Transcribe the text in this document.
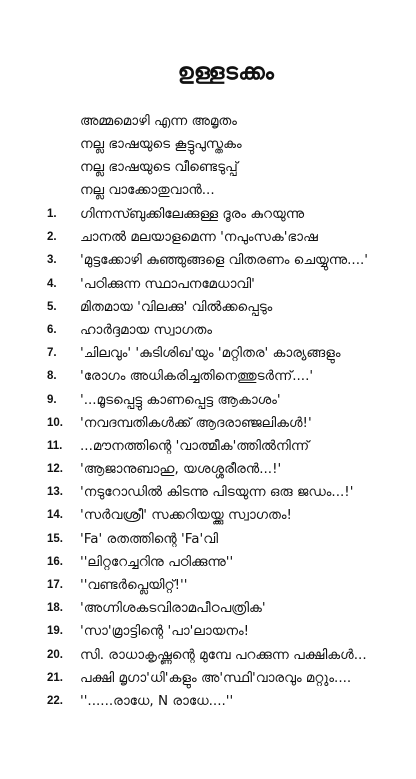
ഉള്ളടക്കം
അമ്മമൊഴി എന്ന അമൃതം
നല്ല ഭാഷയുടെ കൂട്ടുപുസ്തകം
നല്ല ഭാഷയുടെ വീണ്ടെടുപ്പ്
നല്ല വാക്കോതുവാൻ...
1. ഗിന്നസ്ബുക്കിലേക്കുള്ള ദൂരം കുറയുന്നു
2. ചാനൽ മലയാളമെന്ന 'നപുംസക'ഭാഷ
3. 'മുട്ടക്കോഴി കുഞ്ഞുങ്ങളെ വിതരണം ചെയ്യുന്നു....'
4. 'പഠിക്കുന്ന സ്ഥാപനമേധാവി'
5. മിതമായ 'വിലക്കു' വിൽക്കപ്പെടും
6. ഹാർദ്ദമായ സ്വാഗതം
7. 'ചിലവും' 'കുടിശിഖ'യും 'മറ്റിതര' കാര്യങ്ങളും
8. 'രോഗം അധികരിച്ചതിനെത്തുടർന്ന്....'
9. '...മൂടപ്പെട്ടു കാണപ്പെട്ട ആകാശം'
10. 'നവദമ്പതികൾക്ക് ആദരാഞ്ജലികൾ!'
11. ...മൗനത്തിന്റെ 'വാത്മീക'ത്തിൽനിന്ന്
12. 'ആജാനുബാഹു, യശശ്ശരീരൻ...!'
13. 'നടുറോഡിൽ കിടന്നു പിടയുന്ന ഒരു ജഡം...!'
14. 'സർവശ്രീ' സക്കറിയയ്ക്കു സ്വാഗതം!
15. 'Fa' രതത്തിന്റെ 'Fa'വി
16. ''ലിറ്ററേച്ചറിനു പഠിക്കുന്നു''
17. ''വണ്ടർപ്ലെയിറ്റ്!''
18. 'അഗ്നിശകടവിരാമപീഠപത്രിക'
19. 'സാ'മ്രാട്ടിന്റെ 'പാ'ലായനം!
20. സി. രാധാകൃഷ്ണന്റെ മുമ്പേ പറക്കുന്ന പക്ഷികൾ...
21. പക്ഷി മൃഗാ'ധി'കളും അ'സ്ഥി'വാരവും മറ്റും....
22. ''......രാധേ, N രാധേ....''
